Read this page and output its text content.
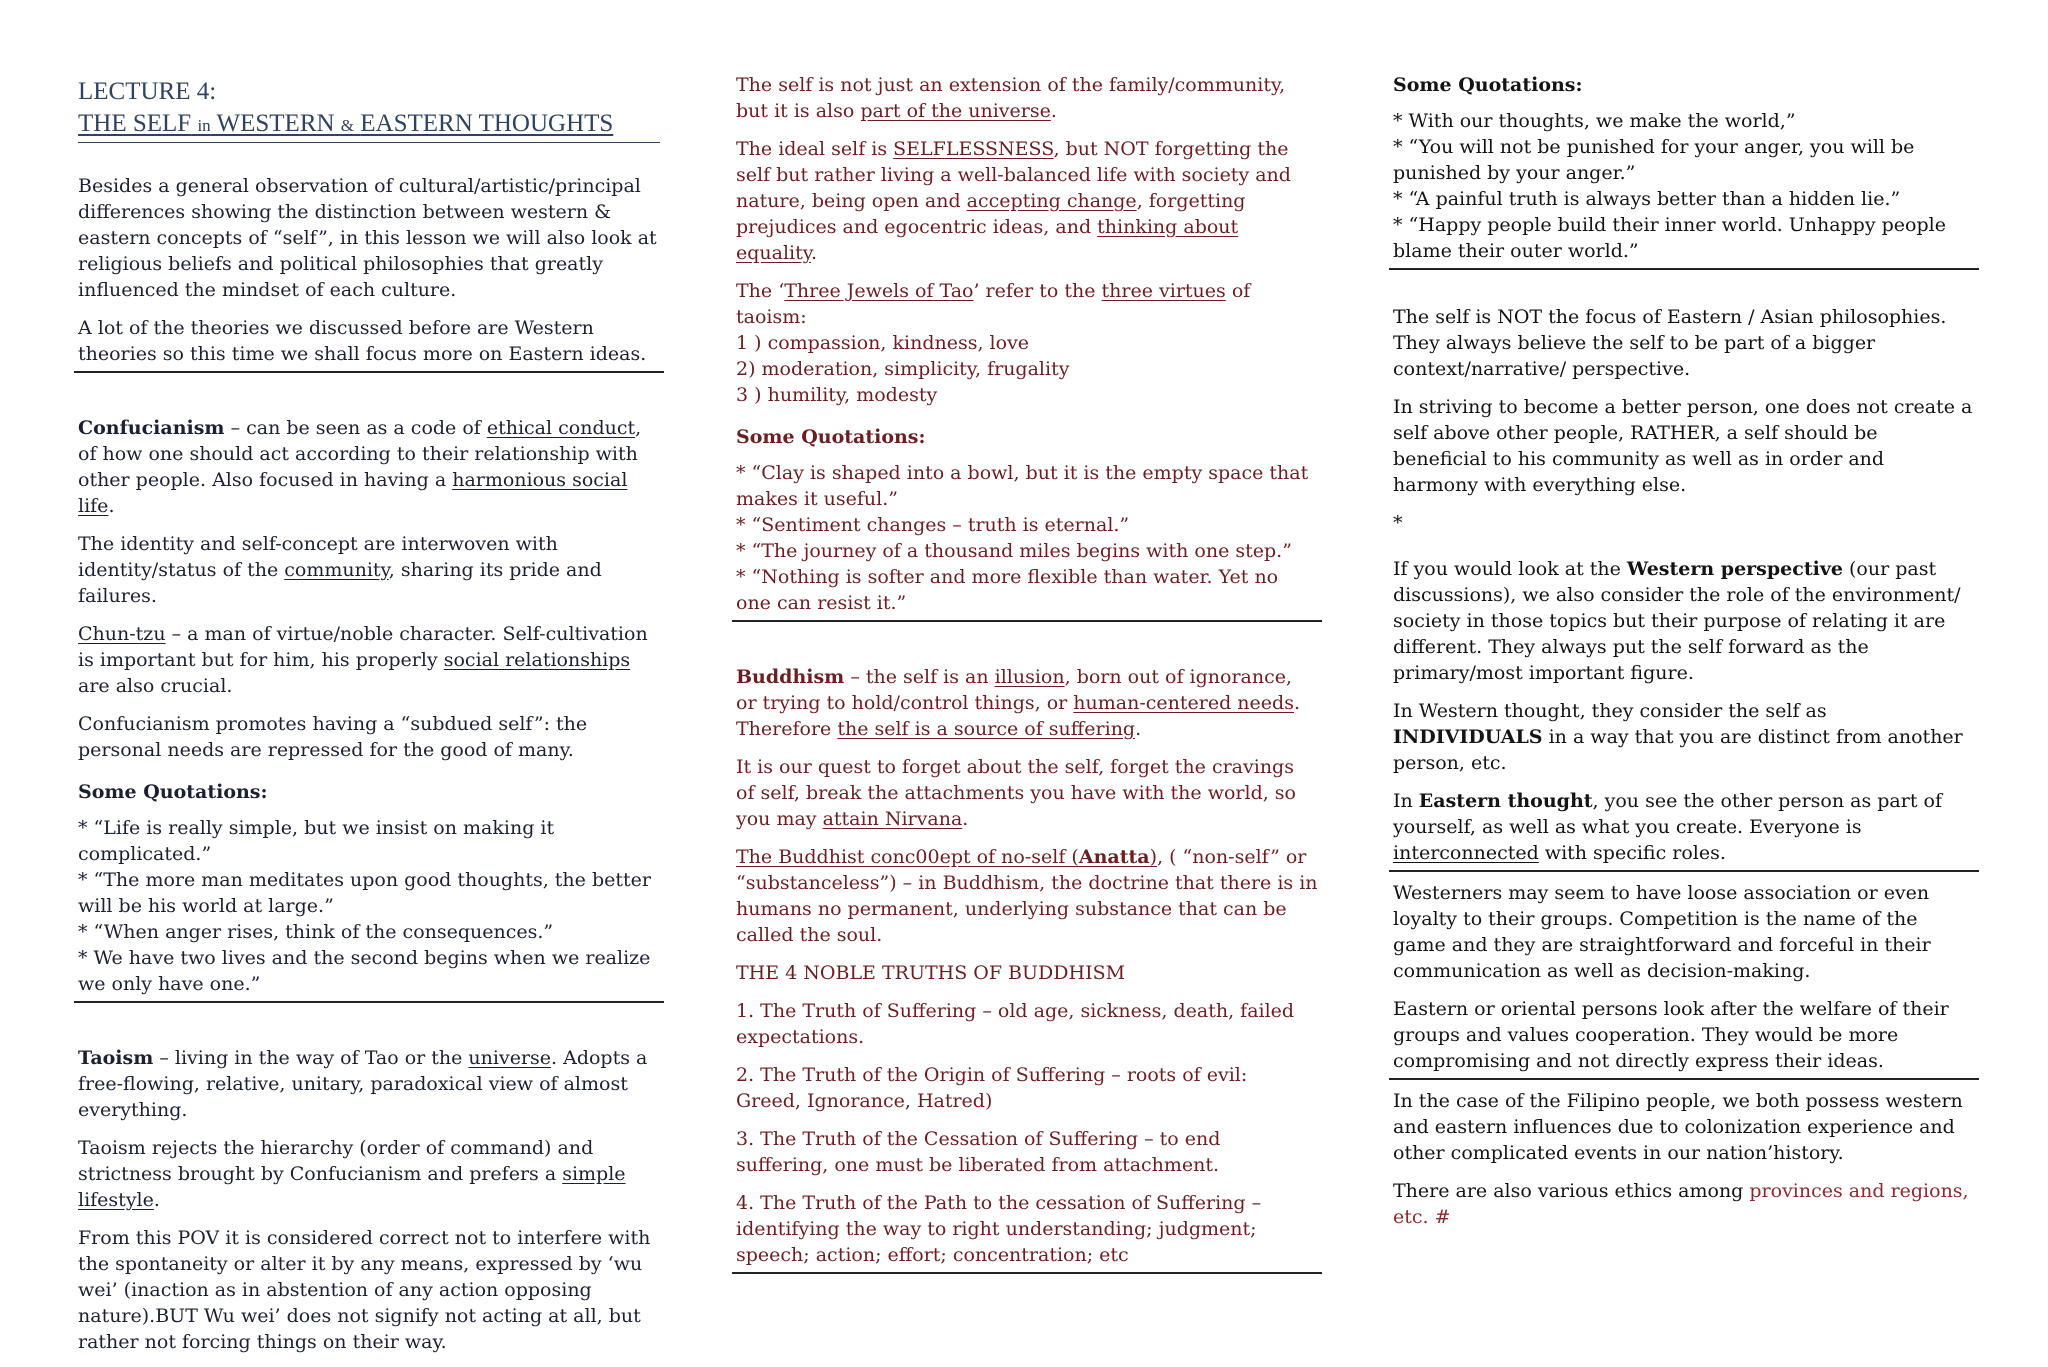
LECTURE 4:
THE SELF in WESTERN & EASTERN THOUGHTS

Besides a general observation of cultural/artistic/principal differences showing the distinction between western & eastern concepts of “self”, in this lesson we will also look at religious beliefs and political philosophies that greatly influenced the mindset of each culture.

A lot of the theories we discussed before are Western theories so this time we shall focus more on Eastern ideas.

Confucianism – can be seen as a code of ethical conduct, of how one should act according to their relationship with other people. Also focused in having a harmonious social life.

The identity and self-concept are interwoven with identity/status of the community, sharing its pride and failures.

Chun-tzu – a man of virtue/noble character. Self-cultivation is important but for him, his properly social relationships are also crucial.

Confucianism promotes having a “subdued self”: the personal needs are repressed for the good of many.

Some Quotations:

* “Life is really simple, but we insist on making it complicated.”

* “The more man meditates upon good thoughts, the better will be his world at large.”

* “When anger rises, think of the consequences.”

* We have two lives and the second begins when we realize we only have one.”

Taoism – living in the way of Tao or the universe. Adopts a free-flowing, relative, unitary, paradoxical view of almost everything.

Taoism rejects the hierarchy (order of command) and strictness brought by Confucianism and prefers a simple lifestyle.

From this POV it is considered correct not to interfere with the spontaneity or alter it by any means, expressed by ‘wu wei’ (inaction as in abstention of any action opposing nature).BUT Wu wei’ does not signify not acting at all, but rather not forcing things on their way.

The self is not just an extension of the family/community, but it is also part of the universe.

The ideal self is SELFLESSNESS, but NOT forgetting the self but rather living a well-balanced life with society and nature, being open and accepting change, forgetting prejudices and egocentric ideas, and thinking about equality.

The ‘Three Jewels of Tao’ refer to the three virtues of taoism:

1 ) compassion, kindness, love

2) moderation, simplicity, frugality

3 ) humility, modesty

Some Quotations:

* “Clay is shaped into a bowl, but it is the empty space that makes it useful.”

* “Sentiment changes – truth is eternal.”

* “The journey of a thousand miles begins with one step.”

* “Nothing is softer and more flexible than water. Yet no one can resist it.”

Buddhism – the self is an illusion, born out of ignorance, or trying to hold/control things, or human-centered needs. Therefore the self is a source of suffering.

It is our quest to forget about the self, forget the cravings of self, break the attachments you have with the world, so you may attain Nirvana.

The Buddhist conc00ept of no-self (Anatta), ( “non-self” or “substanceless”) – in Buddhism, the doctrine that there is in humans no permanent, underlying substance that can be called the soul.

THE 4 NOBLE TRUTHS OF BUDDHISM

1. The Truth of Suffering – old age, sickness, death, failed expectations.

2. The Truth of the Origin of Suffering – roots of evil: Greed, Ignorance, Hatred)

3. The Truth of the Cessation of Suffering – to end suffering, one must be liberated from attachment.

4. The Truth of the Path to the cessation of Suffering – identifying the way to right understanding; judgment; speech; action; effort; concentration; etc

Some Quotations:

* With our thoughts, we make the world,”

* “You will not be punished for your anger, you will be punished by your anger.”

* “A painful truth is always better than a hidden lie.”

* “Happy people build their inner world. Unhappy people blame their outer world.”

The self is NOT the focus of Eastern / Asian philosophies. They always believe the self to be part of a bigger context/narrative/ perspective.

In striving to become a better person, one does not create a self above other people, RATHER, a self should be beneficial to his community as well as in order and harmony with everything else.

*

If you would look at the Western perspective (our past discussions), we also consider the role of the environment/ society in those topics but their purpose of relating it are different. They always put the self forward as the primary/most important figure.

In Western thought, they consider the self as INDIVIDUALS in a way that you are distinct from another person, etc.

In Eastern thought, you see the other person as part of yourself, as well as what you create. Everyone is interconnected with specific roles.

Westerners may seem to have loose association or even loyalty to their groups. Competition is the name of the game and they are straightforward and forceful in their communication as well as decision-making.

Eastern or oriental persons look after the welfare of their groups and values cooperation. They would be more compromising and not directly express their ideas.

In the case of the Filipino people, we both possess western and eastern influences due to colonization experience and other complicated events in our nation’history.

There are also various ethics among provinces and regions, etc. #
